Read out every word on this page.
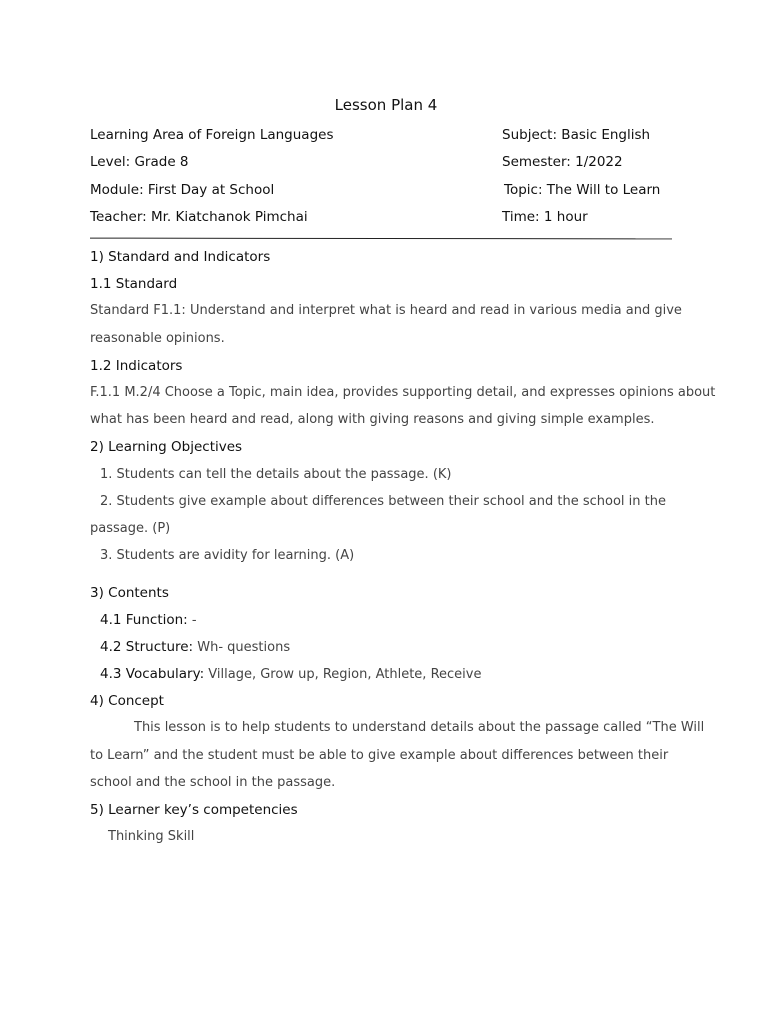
Lesson Plan 4
Learning Area of Foreign Languages	Subject: Basic English
Level: Grade 8	Semester: 1/2022
Module: First Day at School	Topic: The Will to Learn
Teacher: Mr. Kiatchanok Pimchai	Time: 1 hour
1) Standard and Indicators
1.1 Standard
Standard F1.1: Understand and interpret what is heard and read in various media and give
reasonable opinions.
1.2 Indicators
F.1.1 M.2/4 Choose a Topic, main idea, provides supporting detail, and expresses opinions about
what has been heard and read, along with giving reasons and giving simple examples.
2) Learning Objectives
1. Students can tell the details about the passage. (K)
2. Students give example about differences between their school and the school in the
passage. (P)
3. Students are avidity for learning. (A)
3) Contents
4.1 Function: -
4.2 Structure: Wh- questions
4.3 Vocabulary: Village, Grow up, Region, Athlete, Receive
4) Concept
This lesson is to help students to understand details about the passage called “The Will
to Learn” and the student must be able to give example about differences between their
school and the school in the passage.
5) Learner key’s competencies
Thinking Skill
